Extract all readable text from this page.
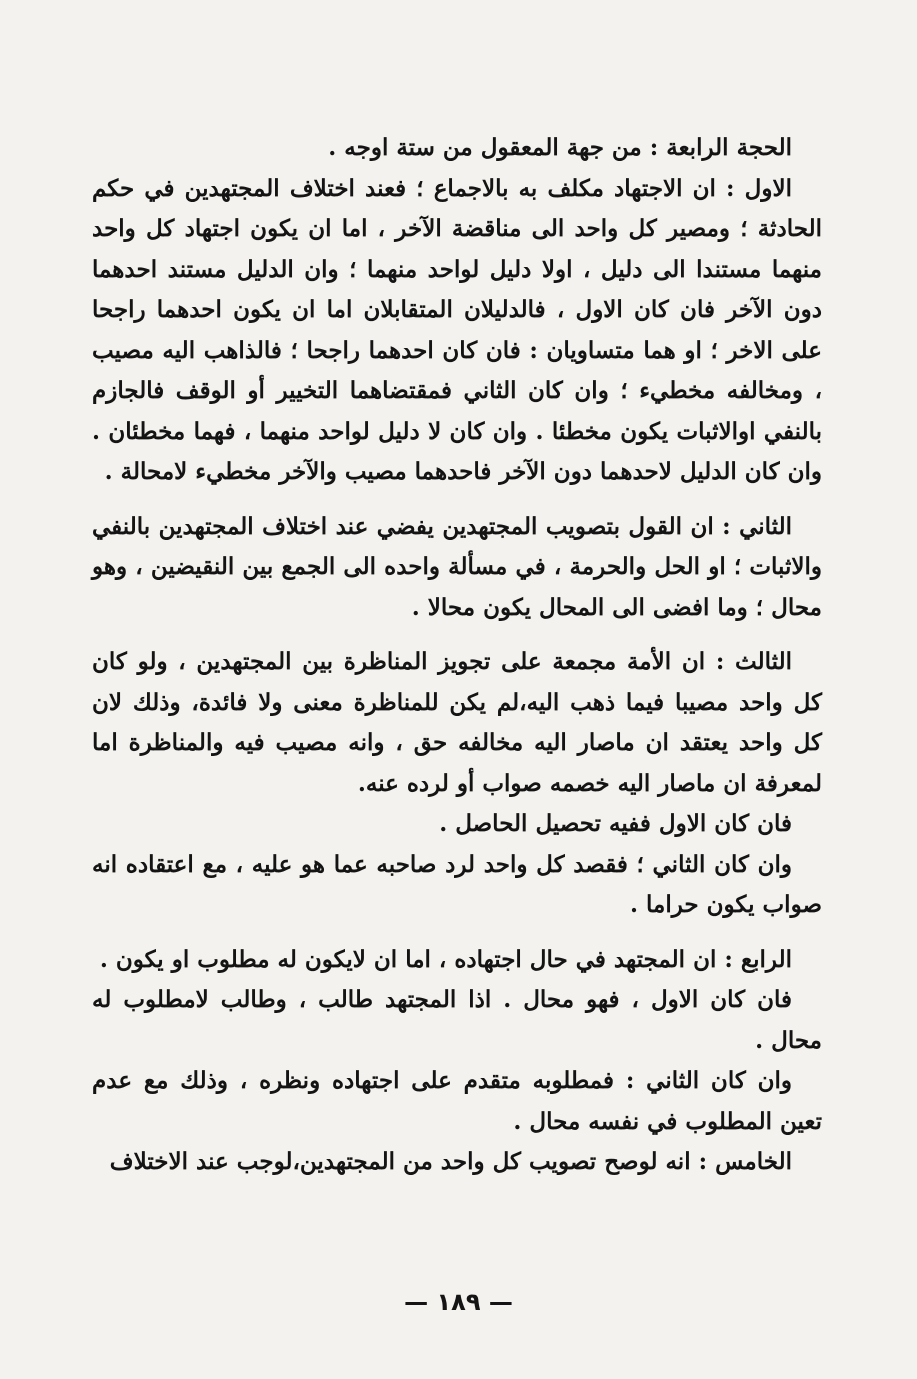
الحجة الرابعة : من جهة المعقول من ستة اوجه .

الاول : ان الاجتهاد مكلف به بالاجماع ؛ فعند اختلاف المجتهدين في حكم الحادثة ؛ ومصير كل واحد الى مناقضة الآخر ، اما ان يكون اجتهاد كل واحد منهما مستندا الى دليل ، اولا دليل لواحد منهما ؛ وان الدليل مستند احدهما دون الآخر فان كان الاول ، فالدليلان المتقابلان اما ان يكون احدهما راجحا على الاخر ؛ او هما متساويان : فان كان احدهما راجحا ؛ فالذاهب اليه مصيب ، ومخالفه مخطيء ؛ وان كان الثاني فمقتضاهما التخيير أو الوقف فالجازم بالنفي اوالاثبات يكون مخطئا . وان كان لا دليل لواحد منهما ، فهما مخطئان . وان كان الدليل لاحدهما دون الآخر فاحدهما مصيب والآخر مخطيء لامحالة .

الثاني : ان القول بتصويب المجتهدين يفضي عند اختلاف المجتهدين بالنفي والاثبات ؛ او الحل والحرمة ، في مسألة واحده الى الجمع بين النقيضين ، وهو محال ؛ وما افضى الى المحال يكون محالا .

الثالث : ان الأمة مجمعة على تجويز المناظرة بين المجتهدين ، ولو كان كل واحد مصيبا فيما ذهب اليه،لم يكن للمناظرة معنى ولا فائدة، وذلك لان كل واحد يعتقد ان ماصار اليه مخالفه حق ، وانه مصيب فيه والمناظرة اما لمعرفة ان ماصار اليه خصمه صواب أو لرده عنه.

فان كان الاول ففيه تحصيل الحاصل .

وان كان الثاني ؛ فقصد كل واحد لرد صاحبه عما هو عليه ، مع اعتقاده انه صواب يكون حراما .

الرابع : ان المجتهد في حال اجتهاده ، اما ان لايكون له مطلوب او يكون .

فان كان الاول ، فهو محال . اذا المجتهد طالب ، وطالب لامطلوب له محال .

وان كان الثاني : فمطلوبه متقدم على اجتهاده ونظره ، وذلك مع عدم تعين المطلوب في نفسه محال .

الخامس : انه لوصح تصويب كل واحد من المجتهدين،لوجب عند الاختلاف

— ١٨٩ —
